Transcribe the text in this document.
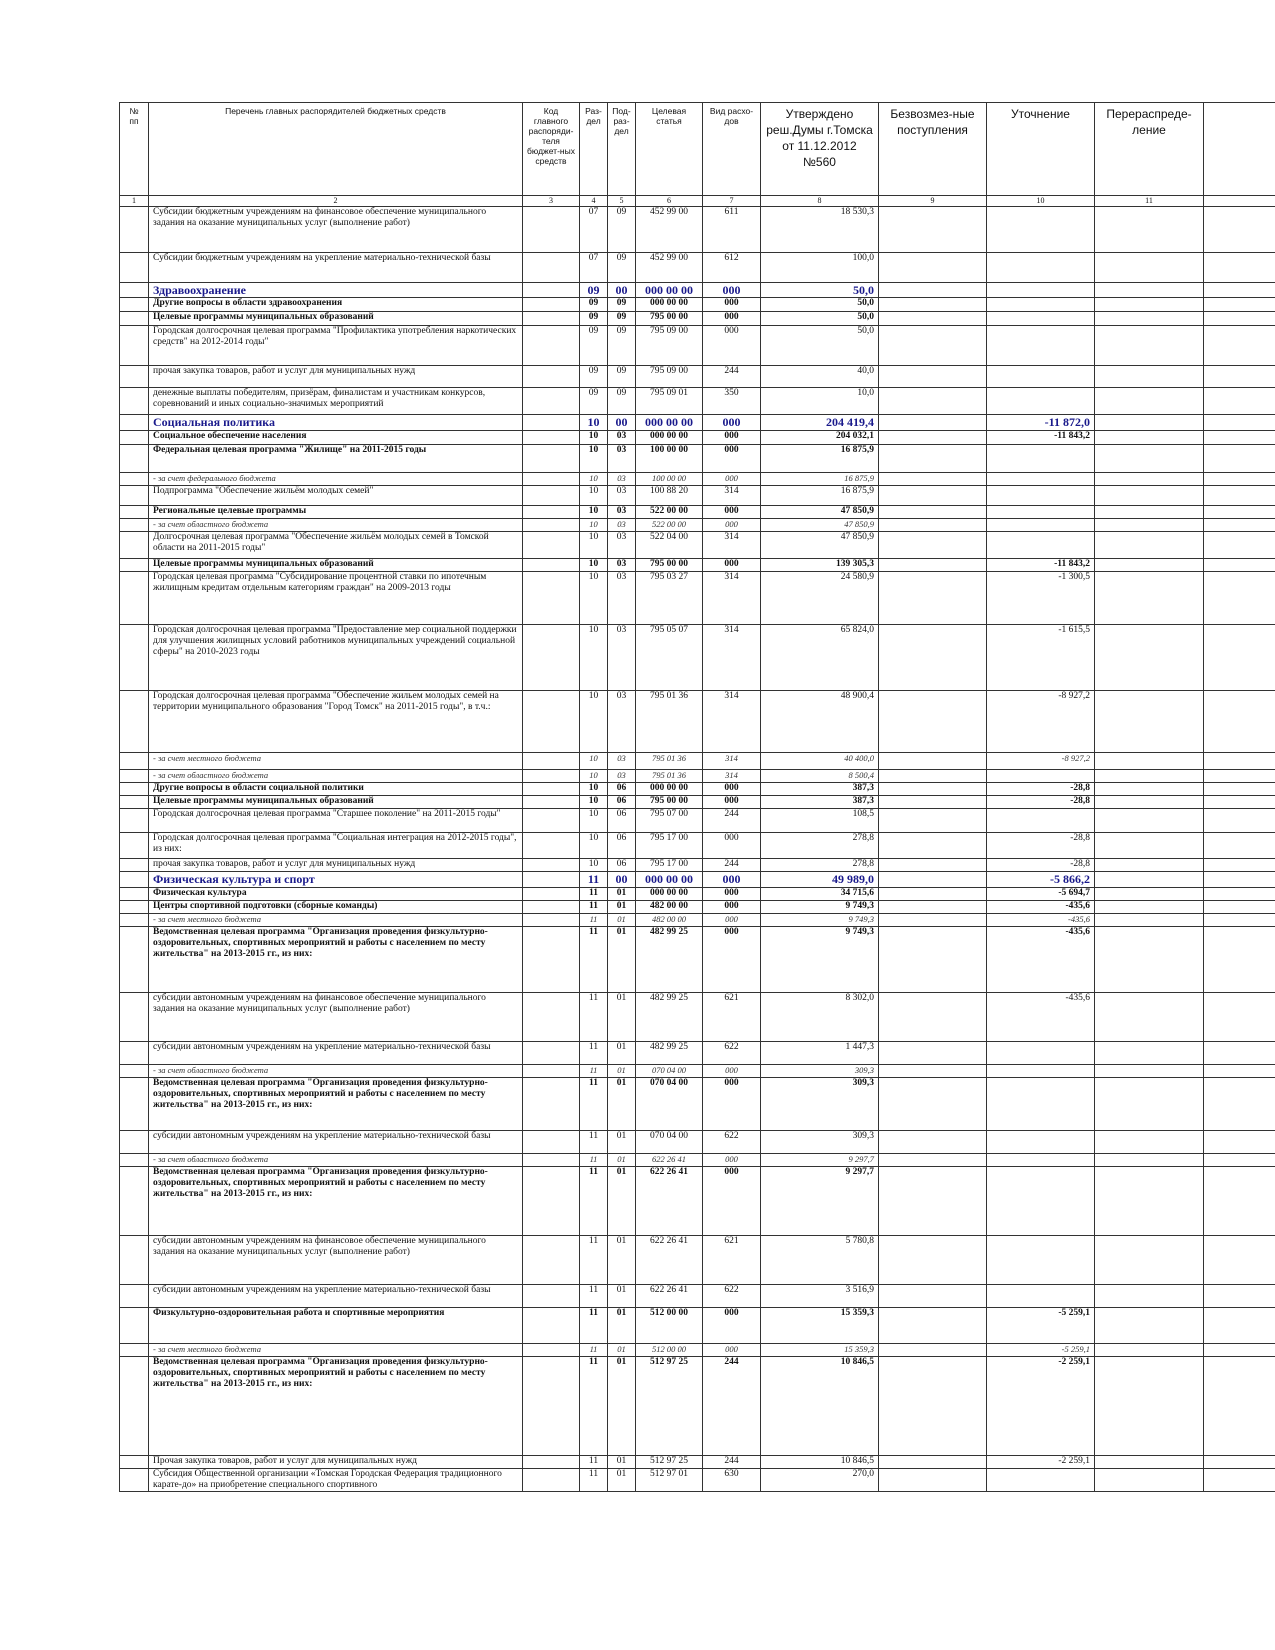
№ пп	Перечень главных распорядителей бюджетных средств	Код главного распоряди-теля бюджет-ных средств	Раз-дел	Под-раз-дел	Целевая статья	Вид расхо-дов	Утверждено реш.Думы г.Томска от 11.12.2012 №560	Безвозмез-ные поступления	Уточнение	Перераспреде-ление	
1	2	3	4	5	6	7	8	9	10	11	
	Субсидии бюджетным учреждениям на финансовое обеспечение муниципального задания на оказание муниципальных услуг (выполнение работ)		07	09	452 99 00	611	18 530,3				
	Субсидии бюджетным учреждениям на укрепление материально-технической базы		07	09	452 99 00	612	100,0				
	Здравоохранение		09	00	000 00 00	000	50,0				
	Другие вопросы в области здравоохранения		09	09	000 00 00	000	50,0				
	Целевые программы муниципальных образований		09	09	795 00 00	000	50,0				
	Городская долгосрочная целевая программа "Профилактика употребления наркотических средств" на 2012-2014 годы"		09	09	795 09 00	000	50,0				
	прочая закупка товаров, работ и услуг для муниципальных нужд		09	09	795 09 00	244	40,0				
	денежные выплаты победителям, призёрам, финалистам и участникам конкурсов, соревнований и иных социально-значимых мероприятий		09	09	795 09 01	350	10,0				
	Социальная политика		10	00	000 00 00	000	204 419,4		-11 872,0		
	Социальное обеспечение населения		10	03	000 00 00	000	204 032,1		-11 843,2		
	Федеральная целевая программа "Жилище" на 2011-2015 годы		10	03	100 00 00	000	16 875,9				
	- за счет федерального бюджета		10	03	100 00 00	000	16 875,9				
	Подпрограмма "Обеспечение жильём молодых семей"		10	03	100 88 20	314	16 875,9				
	Региональные целевые программы		10	03	522 00 00	000	47 850,9				
	- за счет областного бюджета		10	03	522 00 00	000	47 850,9				
	Долгосрочная целевая программа "Обеспечение жильём молодых семей в Томской области на 2011-2015 годы"		10	03	522 04 00	314	47 850,9				
	Целевые программы муниципальных образований		10	03	795 00 00	000	139 305,3		-11 843,2		
	Городская целевая программа "Субсидирование процентной ставки по ипотечным жилищным кредитам отдельным категориям граждан" на 2009-2013 годы		10	03	795 03 27	314	24 580,9		-1 300,5		
	Городская долгосрочная целевая программа "Предоставление мер социальной поддержки для улучшения жилищных условий работников муниципальных учреждений социальной сферы" на 2010-2023 годы		10	03	795 05 07	314	65 824,0		-1 615,5		
	Городская долгосрочная целевая программа "Обеспечение жильем молодых семей на территории муниципального образования "Город Томск" на 2011-2015 годы", в т.ч.:		10	03	795 01 36	314	48 900,4		-8 927,2		
	- за счет местного бюджета		10	03	795 01 36	314	40 400,0		-8 927,2		
	- за счет областного бюджета		10	03	795 01 36	314	8 500,4				
	Другие вопросы в области социальной политики		10	06	000 00 00	000	387,3		-28,8		
	Целевые программы муниципальных образований		10	06	795 00 00	000	387,3		-28,8		
	Городская долгосрочная целевая программа "Старшее поколение" на 2011-2015 годы"		10	06	795 07 00	244	108,5				
	Городская долгосрочная целевая программа "Социальная интеграция на 2012-2015 годы", из них:		10	06	795 17 00	000	278,8		-28,8		
	прочая закупка товаров, работ и услуг для муниципальных нужд		10	06	795 17 00	244	278,8		-28,8		
	Физическая культура и спорт		11	00	000 00 00	000	49 989,0		-5 866,2		
	Физическая культура		11	01	000 00 00	000	34 715,6		-5 694,7		
	Центры спортивной подготовки (сборные команды)		11	01	482 00 00	000	9 749,3		-435,6		
	- за счет местного бюджета		11	01	482 00 00	000	9 749,3		-435,6		
	Ведомственная целевая программа "Организация проведения физкультурно-оздоровительных, спортивных мероприятий и работы с населением по месту жительства" на 2013-2015 гг., из них:		11	01	482 99 25	000	9 749,3		-435,6		
	субсидии автономным учреждениям на финансовое обеспечение муниципального задания на оказание муниципальных услуг (выполнение работ)		11	01	482 99 25	621	8 302,0		-435,6		
	субсидии автономным учреждениям на укрепление материально-технической базы		11	01	482 99 25	622	1 447,3				
	- за счет областного бюджета		11	01	070 04 00	000	309,3				
	Ведомственная целевая программа "Организация проведения физкультурно-оздоровительных, спортивных мероприятий и работы с населением по месту жительства" на 2013-2015 гг., из них:		11	01	070 04 00	000	309,3				
	субсидии автономным учреждениям на укрепление материально-технической базы		11	01	070 04 00	622	309,3				
	- за счет областного бюджета		11	01	622 26 41	000	9 297,7				
	Ведомственная целевая программа "Организация проведения физкультурно-оздоровительных, спортивных мероприятий и работы с населением по месту жительства" на 2013-2015 гг., из них:		11	01	622 26 41	000	9 297,7				
	субсидии автономным учреждениям на финансовое обеспечение муниципального задания на оказание муниципальных услуг (выполнение работ)		11	01	622 26 41	621	5 780,8				
	субсидии автономным учреждениям на укрепление материально-технической базы		11	01	622 26 41	622	3 516,9				
	Физкультурно-оздоровительная работа и спортивные мероприятия		11	01	512 00 00	000	15 359,3		-5 259,1		
	- за счет местного бюджета		11	01	512 00 00	000	15 359,3		-5 259,1		
	Ведомственная целевая программа "Организация проведения физкультурно-оздоровительных, спортивных мероприятий и работы с населением по месту жительства" на 2013-2015 гг., из них:		11	01	512 97 25	244	10 846,5		-2 259,1		
	Прочая закупка товаров, работ и услуг для муниципальных нужд		11	01	512 97 25	244	10 846,5		-2 259,1		
	Субсидия Общественной организации «Томская Городская Федерация традиционного карате-до» на приобретение специального спортивного		11	01	512 97 01	630	270,0				
